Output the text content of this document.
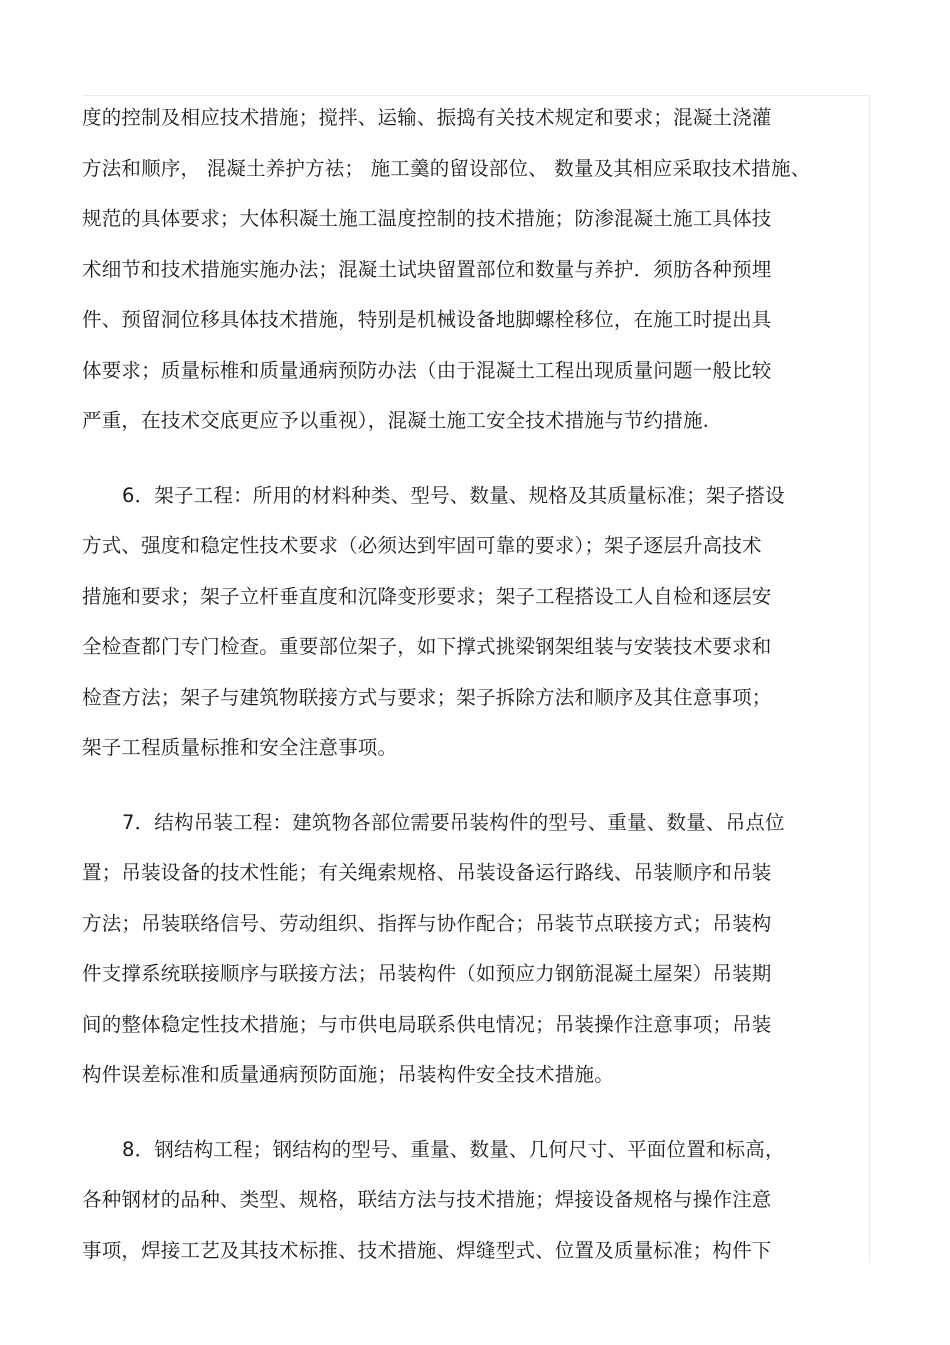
度的控制及相应技术措施；搅拌、运输、振捣有关技术规定和要求；混凝土浇灌
方法和顺序， 混凝土养护方祛； 施工羹的留设部位、 数量及其相应采取技术措施、
规范的具体要求；大体积凝土施工温度控制的技术措施；防渗混凝土施工具体技
术细节和技术措施实施办法；混凝土试块留置部位和数量与养护．须肪各种预埋
件、预留洞位移具体技术措施，特别是机械设备地脚螺栓移位，在施工时提出具
体要求；质量标椎和质量通病预防办法（由于混凝土工程出现质量问题一般比较
严重，在技术交底更应予以重视），混凝土施工安全技术措施与节约措施.
6．架子工程：所用的材料种类、型号、数量、规格及其质量标准；架子搭设
方式、强度和稳定性技术要求（必须达到牢固可靠的要求）；架子逐层升高技术
措施和要求；架子立杆垂直度和沉降变形要求；架子工程搭设工人自检和逐层安
全检查都门专门检查。重要部位架子，如下撑式挑梁钢架组装与安装技术要求和
检查方法；架子与建筑物联接方式与要求；架子拆除方法和顺序及其住意事项；
架子工程质量标推和安全注意事项。
7．结构吊装工程：建筑物各部位需要吊装构件的型号、重量、数量、吊点位
置；吊装设备的技术性能；有关绳索规格、吊装设备运行路线、吊装顺序和吊装
方法；吊装联络信号、劳动组织、指挥与协作配合；吊装节点联接方式；吊装构
件支撑系统联接顺序与联接方法；吊装构件（如预应力钢筋混凝土屋架）吊装期
间的整体稳定性技术措施；与市供电局联系供电情况；吊装操作注意事项；吊装
构件误差标准和质量通病预防面施；吊装构件安全技术措施。
8．钢结构工程；钢结构的型号、重量、数量、几何尺寸、平面位置和标高，
各种钢材的品种、类型、规格，联结方法与技术措施；焊接设备规格与操作注意
事项，焊接工艺及其技术标推、技术措施、焊缝型式、位置及质量标准；构件下
